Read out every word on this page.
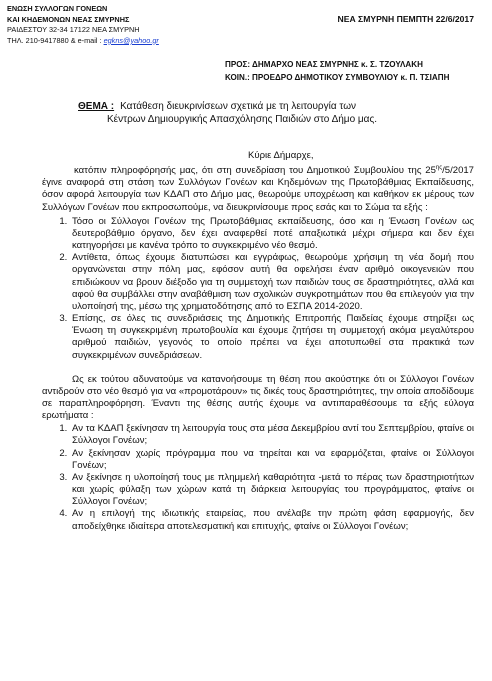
ΕΝΩΣΗ ΣΥΛΛΟΓΩΝ ΓΟΝΕΩΝ
ΚΑΙ ΚΗΔΕΜΟΝΩΝ ΝΕΑΣ ΣΜΥΡΝΗΣ
ΡΑΙΔΕΣΤΟΥ 32-34 17122 ΝΕΑ ΣΜΥΡΝΗ
ΤΗΛ. 210-9417880 & e-mail : egkns@yahoo.gr
ΝΕΑ ΣΜΥΡΝΗ ΠΕΜΠΤΗ 22/6/2017
ΠΡΟΣ: ΔΗΜΑΡΧΟ ΝΕΑΣ ΣΜΥΡΝΗΣ κ. Σ. ΤΖΟΥΛΑΚΗ
ΚΟΙΝ.: ΠΡΟΕΔΡΟ ΔΗΜΟΤΙΚΟΥ ΣΥΜΒΟΥΛΙΟΥ κ. Π. ΤΣΙΑΠΗ
ΘΕΜΑ : Κατάθεση διευκρινίσεων σχετικά με τη λειτουργία των
Κέντρων Δημιουργικής Απασχόλησης Παιδιών στο Δήμο μας.
Κύριε Δήμαρχε,

κατόπιν πληροφόρησής μας, ότι στη συνεδρίαση του Δημοτικού Συμβουλίου της $25^{\eta\varsigma}/5/2017$ έγινε αναφορά στη στάση των Συλλόγων Γονέων και Κηδεμόνων της Πρωτοβάθμιας Εκπαίδευσης, όσον αφορά λειτουργία των ΚΔΑΠ στο Δήμο μας, θεωρούμε υποχρέωση και καθήκον εκ μέρους των Συλλόγων Γονέων που εκπροσωπούμε, να διευκρινίσουμε προς εσάς και το Σώμα τα εξής :

1. Τόσο οι Σύλλογοι Γονέων της Πρωτοβάθμιας εκπαίδευσης, όσο και η Ένωση Γονέων ως δευτεροβάθμιο όργανο, δεν έχει αναφερθεί ποτέ απαξιωτικά μέχρι σήμερα και δεν έχει κατηγορήσει με κανένα τρόπο το συγκεκριμένο νέο θεσμό.
2. Αντίθετα, όπως έχουμε διατυπώσει και εγγράφως, θεωρούμε χρήσιμη τη νέα δομή που οργανώνεται στην πόλη μας, εφόσον αυτή θα οφελήσει έναν αριθμό οικογενειών που επιδιώκουν να βρουν διέξοδο για τη συμμετοχή των παιδιών τους σε δραστηριότητες, αλλά και αφού θα συμβάλλει στην αναβάθμιση των σχολικών συγκροτημάτων που θα επιλεγούν για την υλοποίησή της, μέσω της χρηματοδότησης από το ΕΣΠΑ 2014-2020.
3. Επίσης, σε όλες τις συνεδριάσεις της Δημοτικής Επιτροπής Παιδείας έχουμε στηρίξει ως Ένωση τη συγκεκριμένη πρωτοβουλία και έχουμε ζητήσει τη συμμετοχή ακόμα μεγαλύτερου αριθμού παιδιών, γεγονός το οποίο πρέπει να έχει αποτυπωθεί στα πρακτικά των συγκεκριμένων συνεδριάσεων.

Ως εκ τούτου αδυνατούμε να κατανοήσουμε τη θέση που ακούστηκε ότι οι Σύλλογοι Γονέων αντιδρούν στο νέο θεσμό για να «προμοτάρουν» τις δικές τους δραστηριότητες, την οποία αποδίδουμε σε παραπληροφόρηση. Έναντι της θέσης αυτής έχουμε να αντιπαραθέσουμε τα εξής εύλογα ερωτήματα :

1. Αν τα ΚΔΑΠ ξεκίνησαν τη λειτουργία τους στα μέσα Δεκεμβρίου αντί του Σεπτεμβρίου, φταίνε οι Σύλλογοι Γονέων;
2. Αν ξεκίνησαν χωρίς πρόγραμμα που να τηρείται και να εφαρμόζεται, φταίνε οι Σύλλογοι Γονέων;
3. Αν ξεκίνησε η υλοποίησή τους με πλημμελή καθαριότητα -μετά το πέρας των δραστηριοτήτων και χωρίς φύλαξη των χώρων κατά τη διάρκεια λειτουργίας του προγράμματος, φταίνε οι Σύλλογοι Γονέων;
4. Αν η επιλογή της ιδιωτικής εταιρείας, που ανέλαβε την πρώτη φάση εφαρμογής, δεν αποδείχθηκε ιδιαίτερα αποτελεσματική και επιτυχής, φταίνε οι Σύλλογοι Γονέων;
